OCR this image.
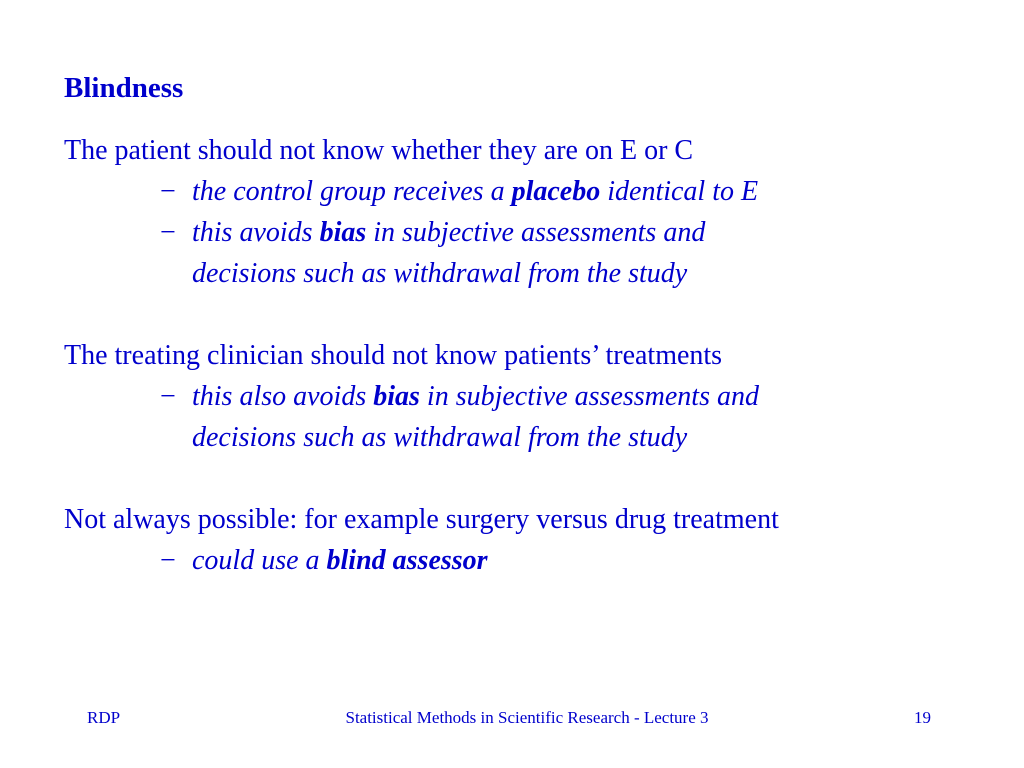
Blindness
The patient should not know whether they are on E or C
− the control group receives a placebo identical to E
− this avoids bias in subjective assessments and
decisions such as withdrawal from the study
The treating clinician should not know patients’ treatments
− this also avoids bias in subjective assessments and
decisions such as withdrawal from the study
Not always possible: for example surgery versus drug treatment
− could use a blind assessor
RDP	Statistical Methods in Scientific Research - Lecture 3	19
